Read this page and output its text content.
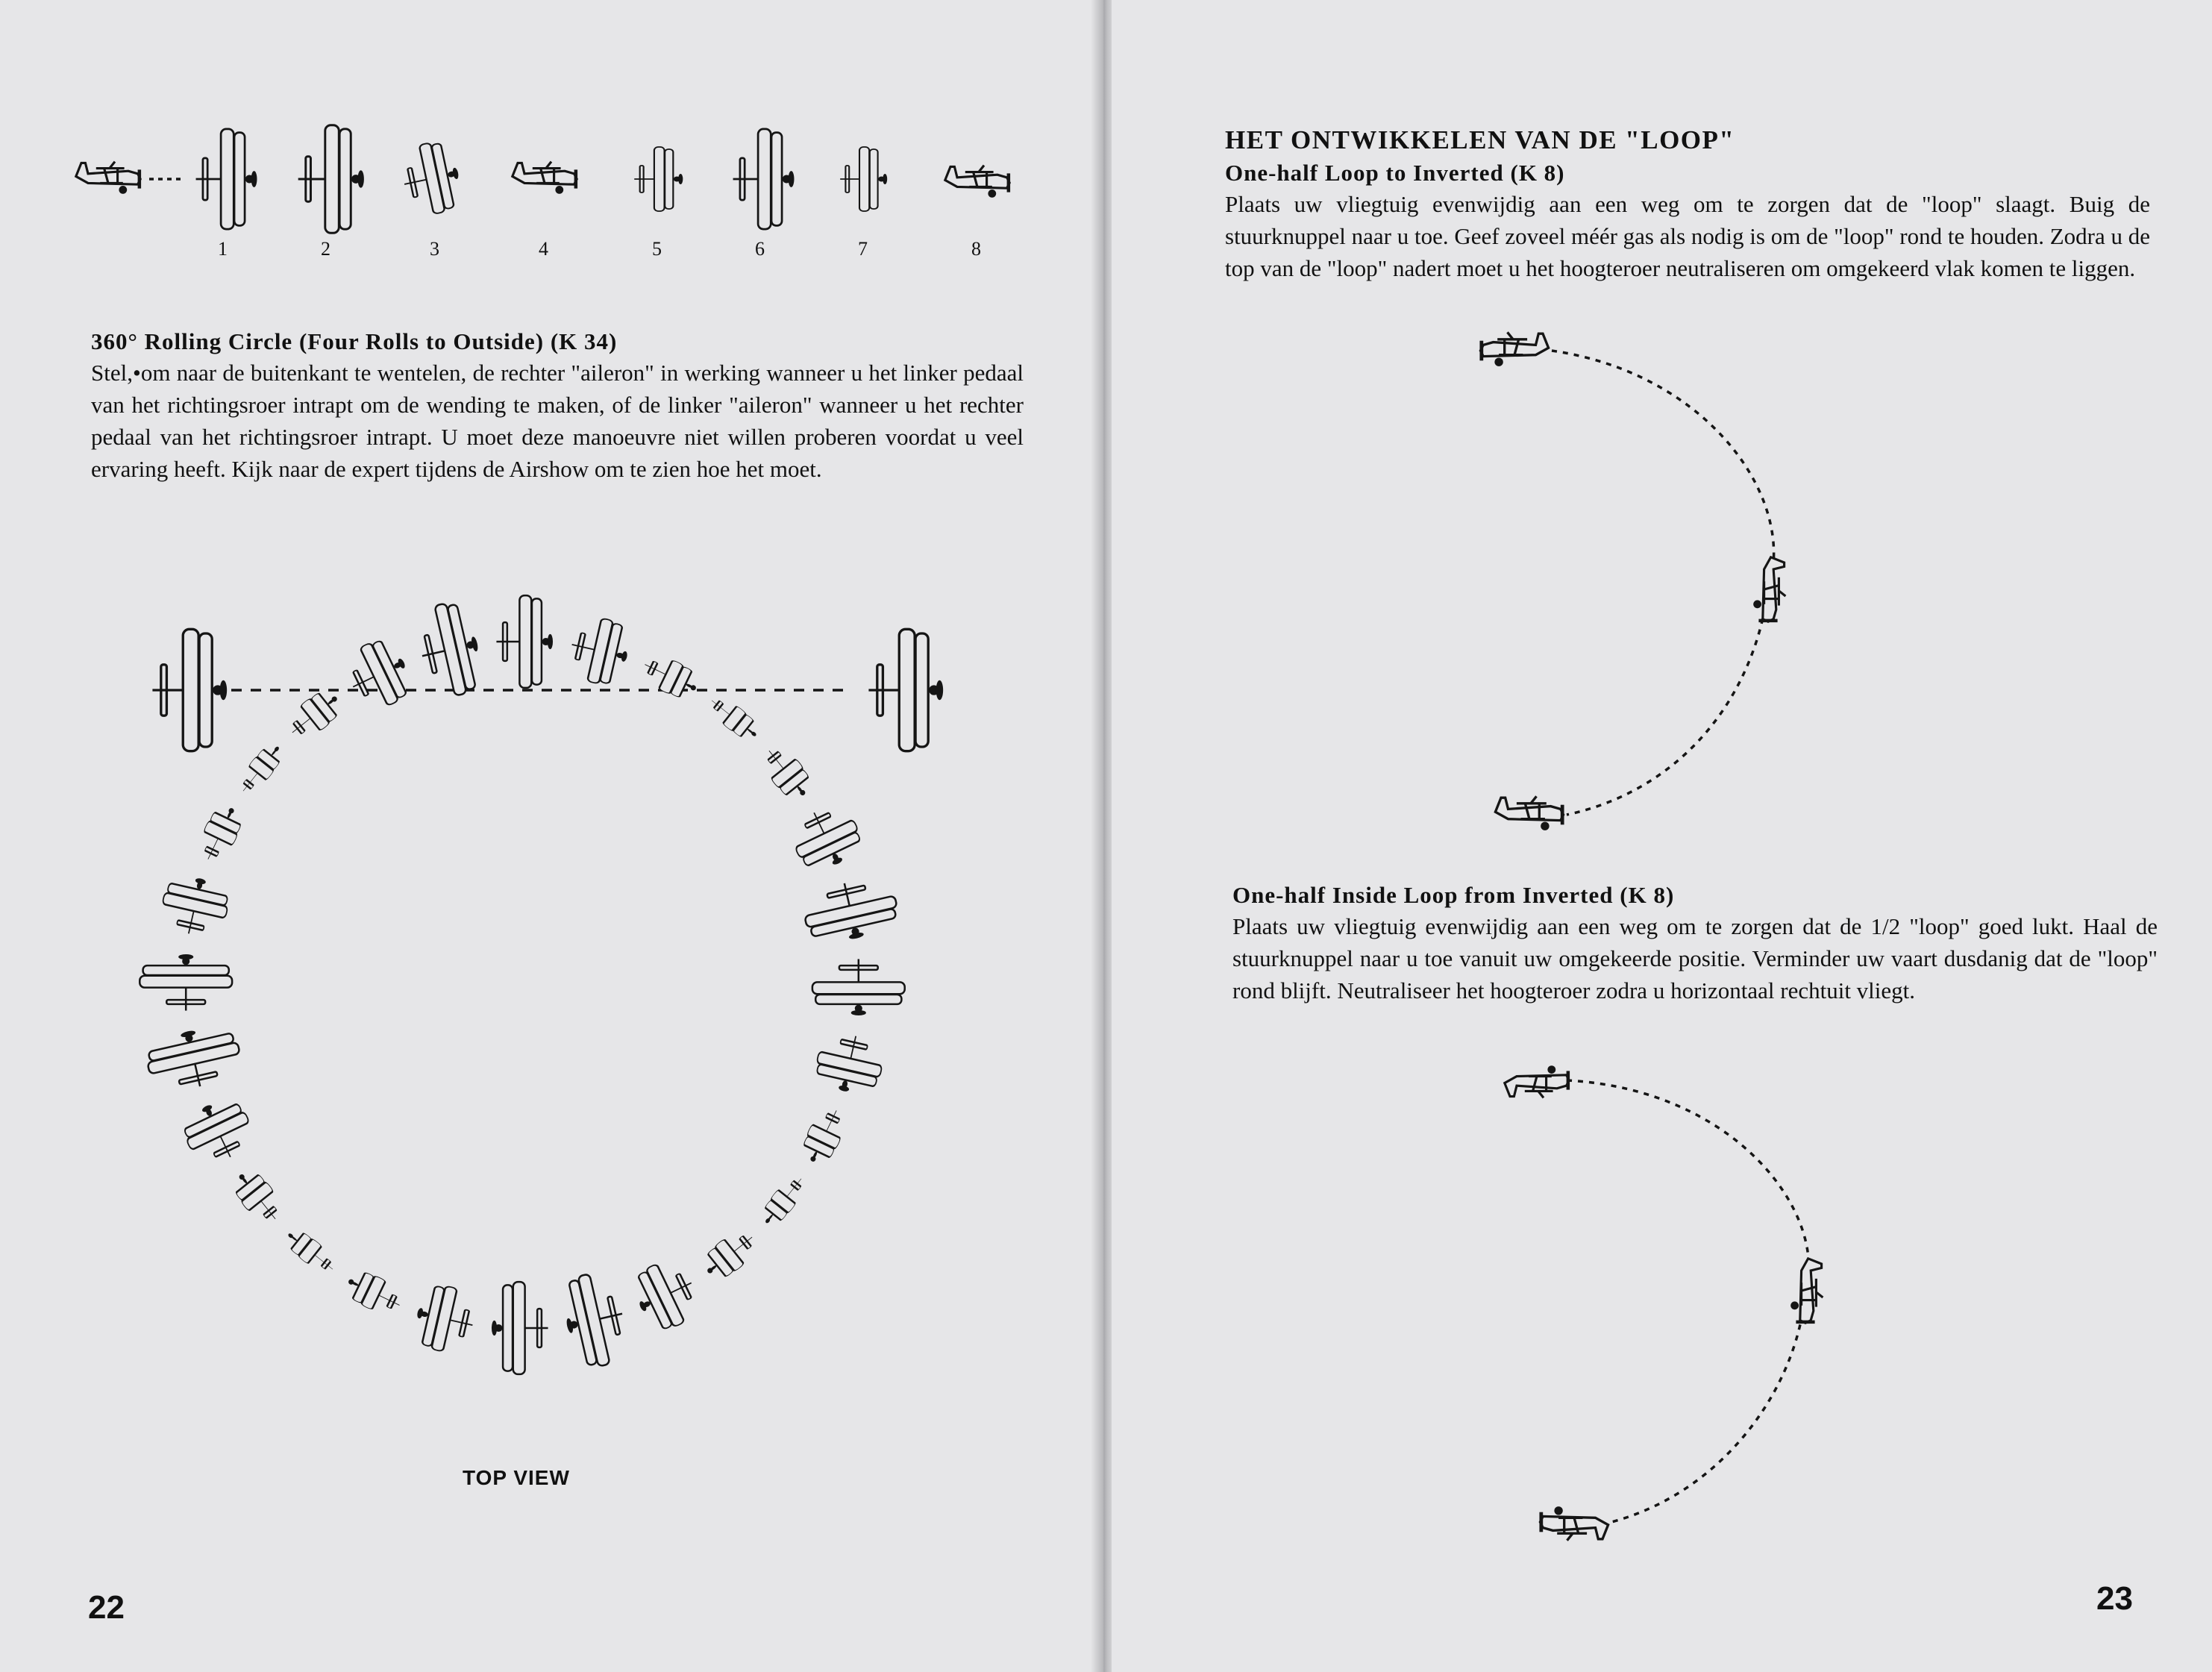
1	2	3	4	5	6	7	8
360° Rolling Circle (Four Rolls to Outside) (K 34)
Stel,•om naar de buitenkant te wentelen, de rechter "aileron" in werking wanneer u het linker pedaal van het richtingsroer intrapt om de wending te maken, of de linker "aileron" wanneer u het rechter pedaal van het richtingsroer intrapt. U moet deze manoeuvre niet willen proberen voordat u veel ervaring heeft. Kijk naar de expert tijdens de Airshow om te zien hoe het moet.
TOP VIEW
22
HET ONTWIKKELEN VAN DE "LOOP"
One-half Loop to Inverted (K 8)
Plaats uw vliegtuig evenwijdig aan een weg om te zorgen dat de "loop" slaagt. Buig de stuurknuppel naar u toe. Geef zoveel méér gas als nodig is om de "loop" rond te houden. Zodra u de top van de "loop" nadert moet u het hoogteroer neutraliseren om omgekeerd vlak komen te liggen.
One-half Inside Loop from Inverted (K 8)
Plaats uw vliegtuig evenwijdig aan een weg om te zorgen dat de 1/2 "loop" goed lukt. Haal de stuurknuppel naar u toe vanuit uw omgekeerde positie. Verminder uw vaart dusdanig dat de "loop" rond blijft. Neutraliseer het hoogteroer zodra u horizontaal rechtuit vliegt.
23
